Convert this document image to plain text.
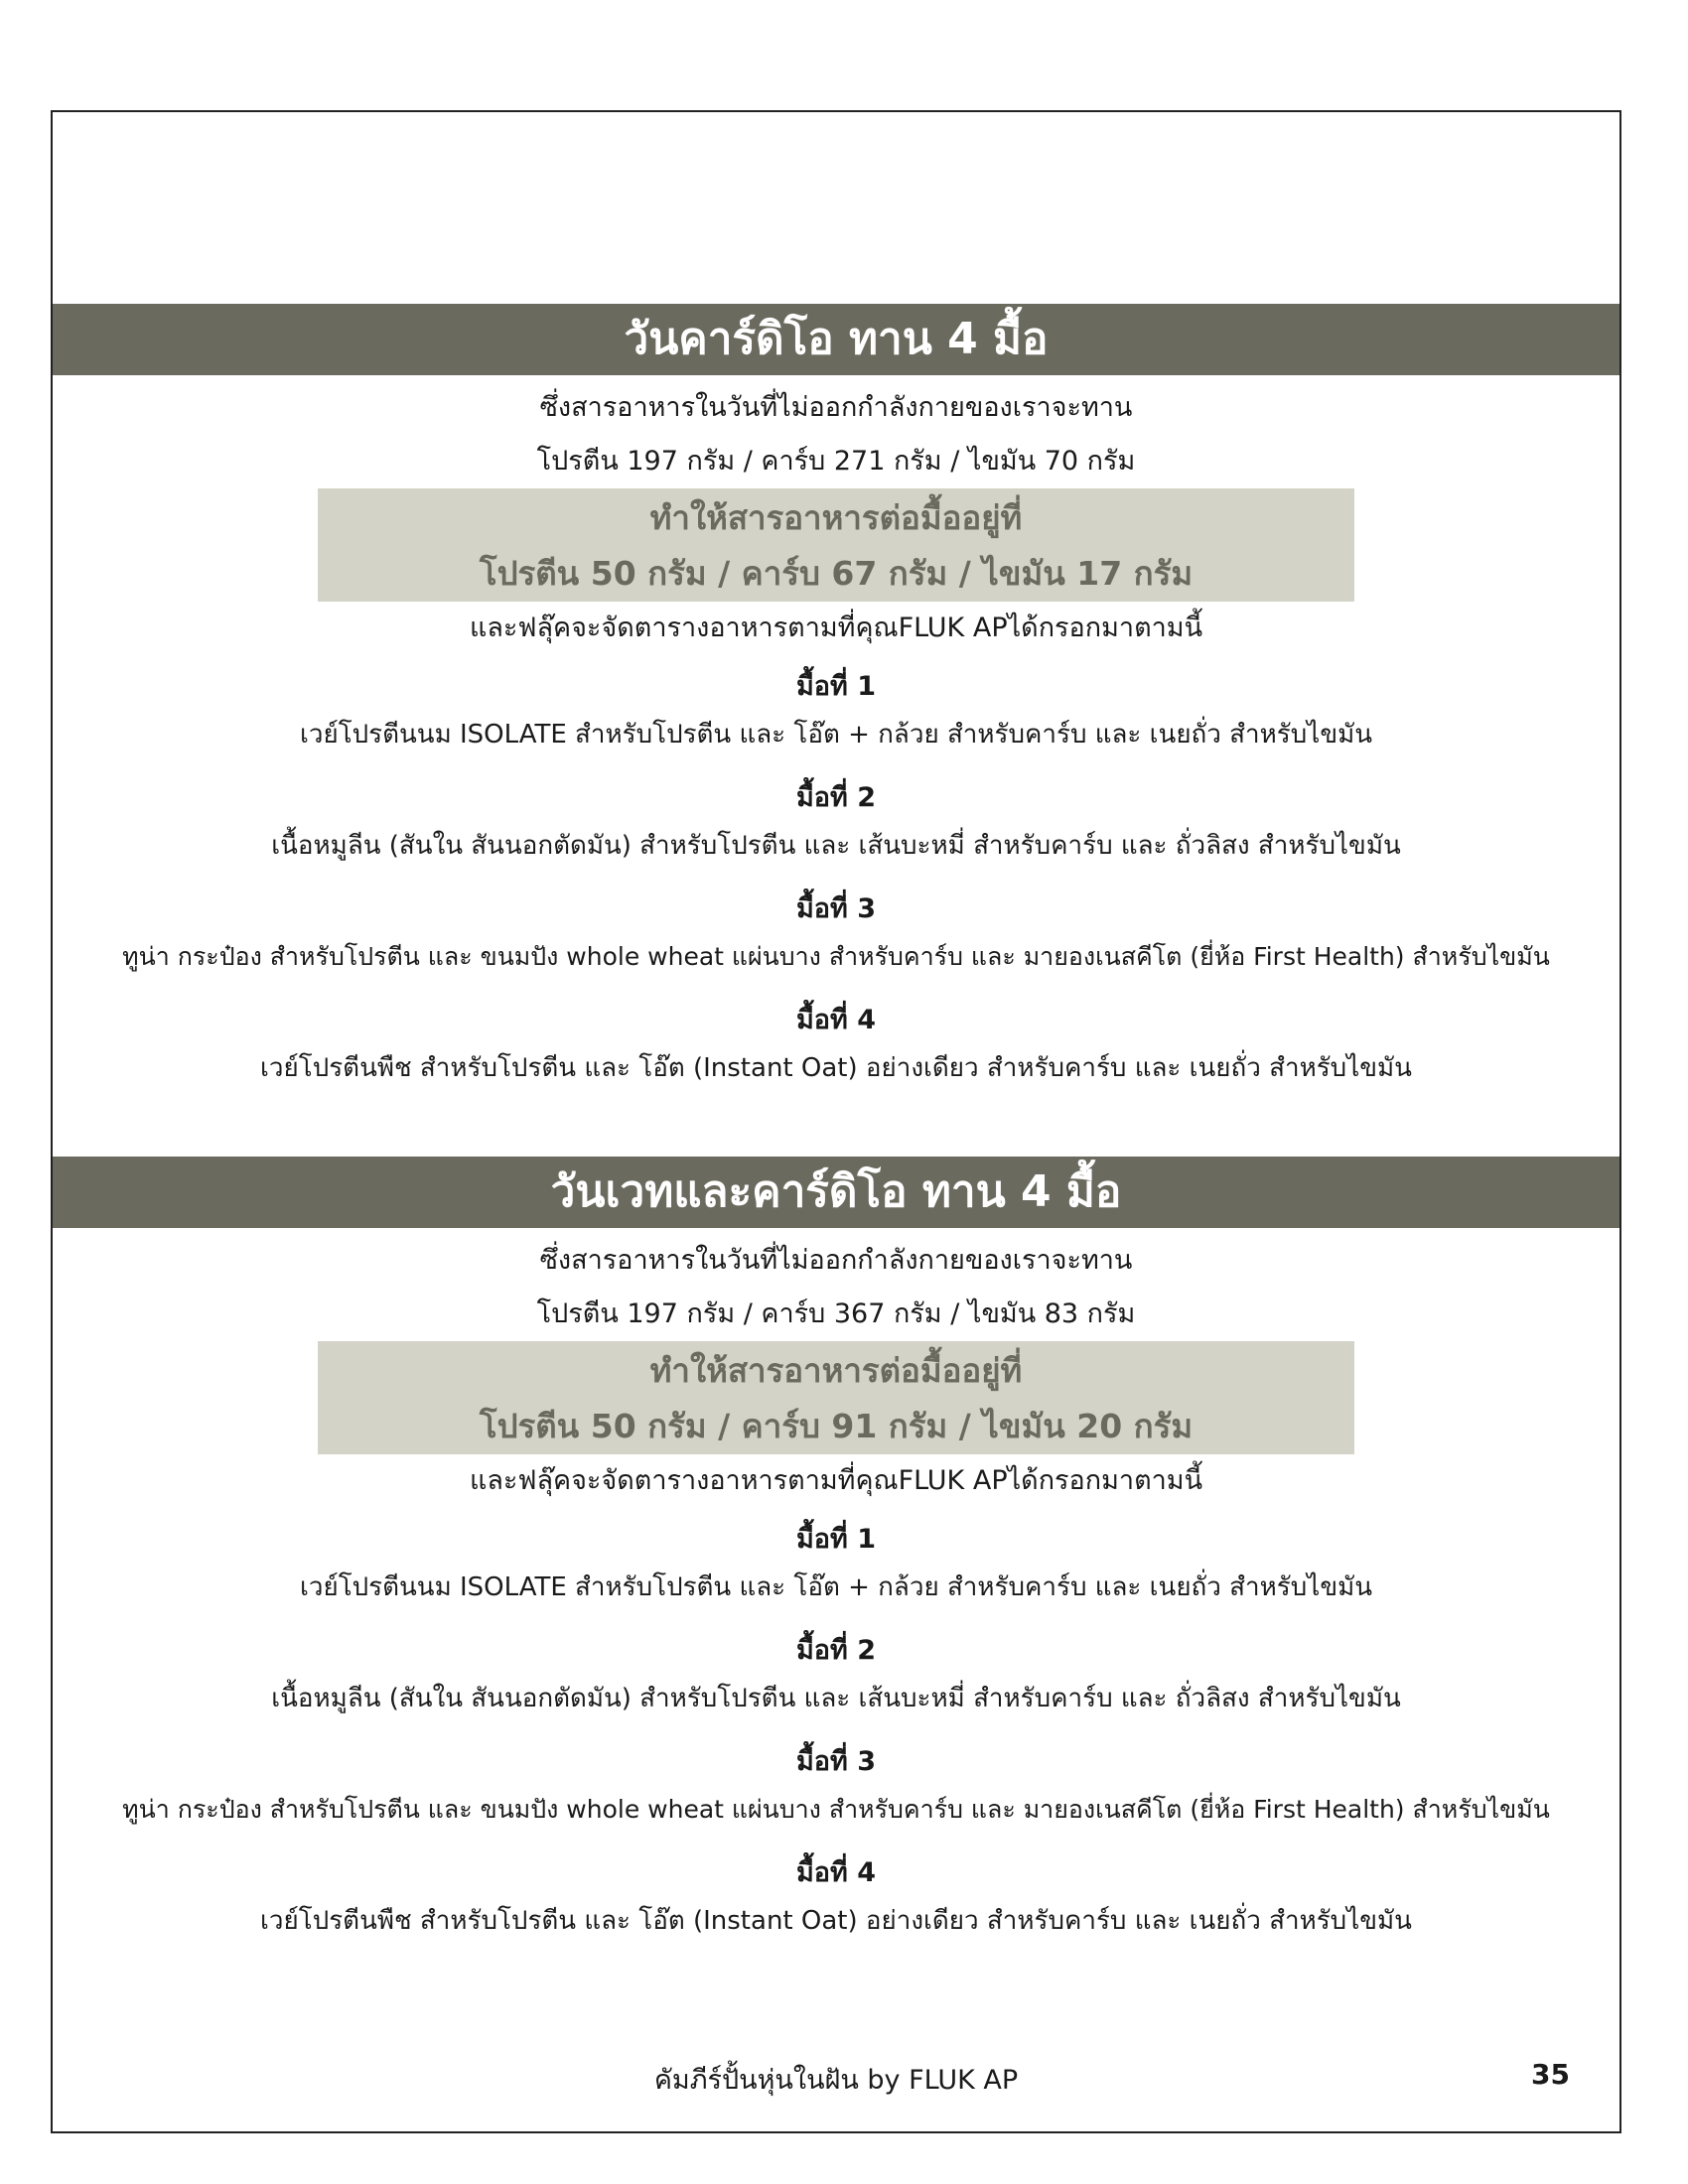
วันคาร์ดิโอ ทาน 4 มื้อ
ซึ่งสารอาหารในวันที่ไม่ออกกำลังกายของเราจะทาน
โปรตีน 197 กรัม / คาร์บ 271 กรัม / ไขมัน 70 กรัม
ทำให้สารอาหารต่อมื้ออยู่ที่
โปรตีน 50 กรัม / คาร์บ 67 กรัม / ไขมัน 17 กรัม
และฟลุ๊คจะจัดตารางอาหารตามที่คุณFLUK APได้กรอกมาตามนี้
มื้อที่ 1
เวย์โปรตีนนม ISOLATE สำหรับโปรตีน และ โอ๊ต + กล้วย สำหรับคาร์บ และ เนยถั่ว สำหรับไขมัน
มื้อที่ 2
เนื้อหมูลีน (สันใน สันนอกตัดมัน) สำหรับโปรตีน และ เส้นบะหมี่ สำหรับคาร์บ และ ถั่วลิสง สำหรับไขมัน
มื้อที่ 3
ทูน่า กระป๋อง สำหรับโปรตีน และ ขนมปัง whole wheat แผ่นบาง สำหรับคาร์บ และ มายองเนสคีโต (ยี่ห้อ First Health) สำหรับไขมัน
มื้อที่ 4
เวย์โปรตีนพืช สำหรับโปรตีน และ โอ๊ต (Instant Oat) อย่างเดียว สำหรับคาร์บ และ เนยถั่ว สำหรับไขมัน
วันเวทและคาร์ดิโอ ทาน 4 มื้อ
ซึ่งสารอาหารในวันที่ไม่ออกกำลังกายของเราจะทาน
โปรตีน 197 กรัม / คาร์บ 367 กรัม / ไขมัน 83 กรัม
ทำให้สารอาหารต่อมื้ออยู่ที่
โปรตีน 50 กรัม / คาร์บ 91 กรัม / ไขมัน 20 กรัม
และฟลุ๊คจะจัดตารางอาหารตามที่คุณFLUK APได้กรอกมาตามนี้
มื้อที่ 1
เวย์โปรตีนนม ISOLATE สำหรับโปรตีน และ โอ๊ต + กล้วย สำหรับคาร์บ และ เนยถั่ว สำหรับไขมัน
มื้อที่ 2
เนื้อหมูลีน (สันใน สันนอกตัดมัน) สำหรับโปรตีน และ เส้นบะหมี่ สำหรับคาร์บ และ ถั่วลิสง สำหรับไขมัน
มื้อที่ 3
ทูน่า กระป๋อง สำหรับโปรตีน และ ขนมปัง whole wheat แผ่นบาง สำหรับคาร์บ และ มายองเนสคีโต (ยี่ห้อ First Health) สำหรับไขมัน
มื้อที่ 4
เวย์โปรตีนพืช สำหรับโปรตีน และ โอ๊ต (Instant Oat) อย่างเดียว สำหรับคาร์บ และ เนยถั่ว สำหรับไขมัน
คัมภีร์ปั้นหุ่นในฝัน by FLUK AP	35
